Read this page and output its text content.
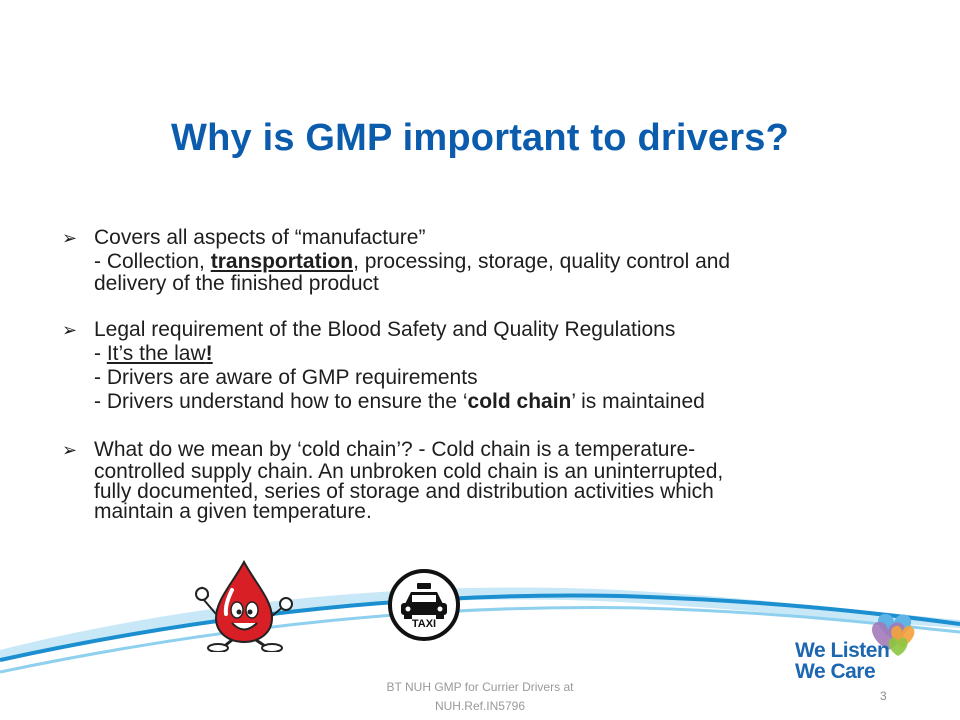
Why is GMP important to drivers?
➢ Covers all aspects of “manufacture”
- Collection, transportation, processing, storage, quality control and
delivery of the finished product
➢ Legal requirement of the Blood Safety and Quality Regulations
- It’s the law!
- Drivers are aware of GMP requirements
- Drivers understand how to ensure the ‘cold chain’ is maintained
➢ What do we mean by ‘cold chain’? - Cold chain is a temperature-
controlled supply chain. An unbroken cold chain is an uninterrupted,
fully documented, series of storage and distribution activities which
maintain a given temperature.
TAXI
We Listen
We Care
BT NUH GMP for Currier Drivers at
NUH.Ref.IN5796
3
